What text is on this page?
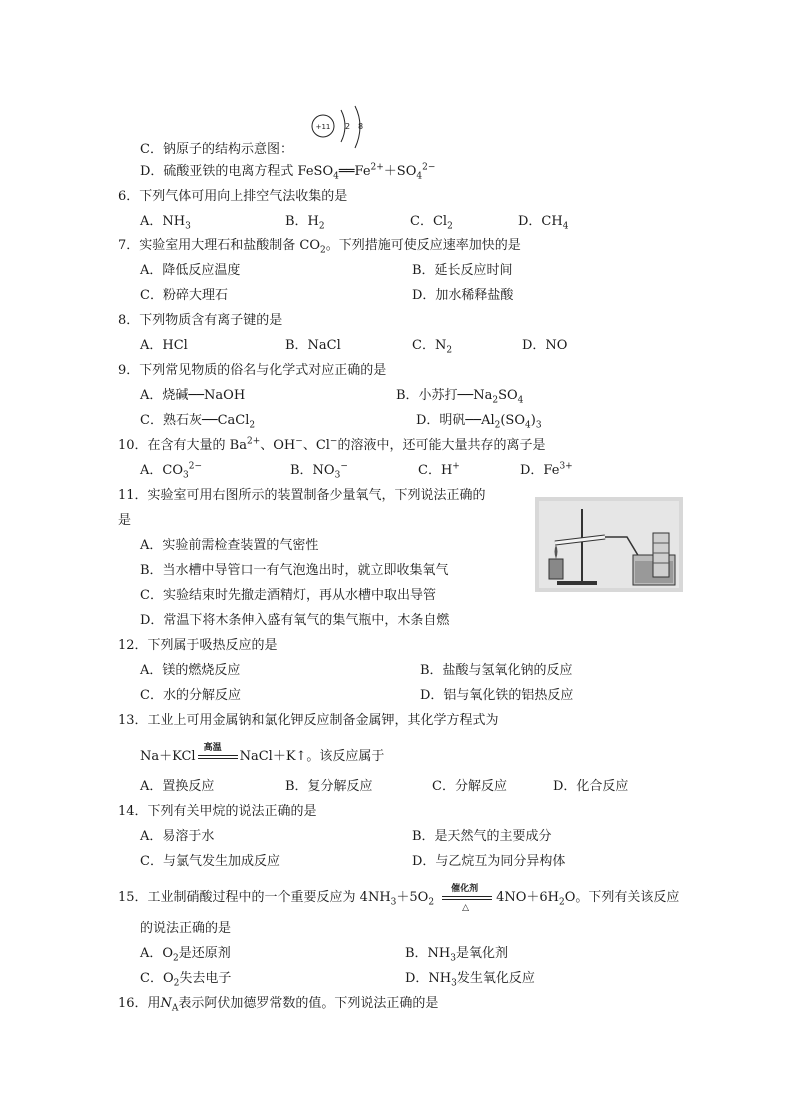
C．钠原子的结构示意图：
+11 2 8
D．硫酸亚铁的电离方程式 $FeSO_4══Fe^{2+}+SO_4^{2-}$
6．下列气体可用向上排空气法收集的是
A．$NH_3$	B．$H_2$	C．$Cl_2$	D．$CH_4$
7．实验室用大理石和盐酸制备 $CO_2$。下列措施可使反应速率加快的是
A．降低反应温度	B．延长反应时间
C．粉碎大理石	D．加水稀释盐酸
8．下列物质含有离子键的是
A．HCl	B．NaCl	C．$N_2$	D．NO
9．下列常见物质的俗名与化学式对应正确的是
A．烧碱──NaOH	B．小苏打$──Na_2SO_4$
C．熟石灰──CaCl$_2$	D．明矾$──Al_2(SO_4)_3$
10．在含有大量的 $Ba^{2+}$、OH−、Cl−的溶液中，还可能大量共存的离子是
A．$CO_3^{2-}$	B．$NO_3^-$	C．H+	D．$Fe^{3+}$
11．实验室可用右图所示的装置制备少量氧气，下列说法正确的
是
A．实验前需检查装置的气密性
B．当水槽中导管口一有气泡逸出时，就立即收集氧气
C．实验结束时先撤走酒精灯，再从水槽中取出导管
D．常温下将木条伸入盛有氧气的集气瓶中，木条自燃
12．下列属于吸热反应的是
A．镁的燃烧反应	B．盐酸与氢氧化钠的反应
C．水的分解反应	D．铝与氧化铁的铝热反应
13．工业上可用金属钠和氯化钾反应制备金属钾，其化学方程式为
Na＋KCl
高温
NaCl＋K↑。该反应属于
A．置换反应	B．复分解反应	C．分解反应	D．化合反应
14．下列有关甲烷的说法正确的是
A．易溶于水	B．是天然气的主要成分
C．与氯气发生加成反应	D．与乙烷互为同分异构体
15．工业制硝酸过程中的一个重要反应为 $4NH_3+5O_2$
催化剂
△
$4NO+6H_2O$。下列有关该反应
的说法正确的是
A．$O_2$是还原剂	B．$NH_3$是氧化剂
C．$O_2$失去电子	D．$NH_3$发生氧化反应
16．用$N_A$表示阿伏加德罗常数的值。下列说法正确的是
